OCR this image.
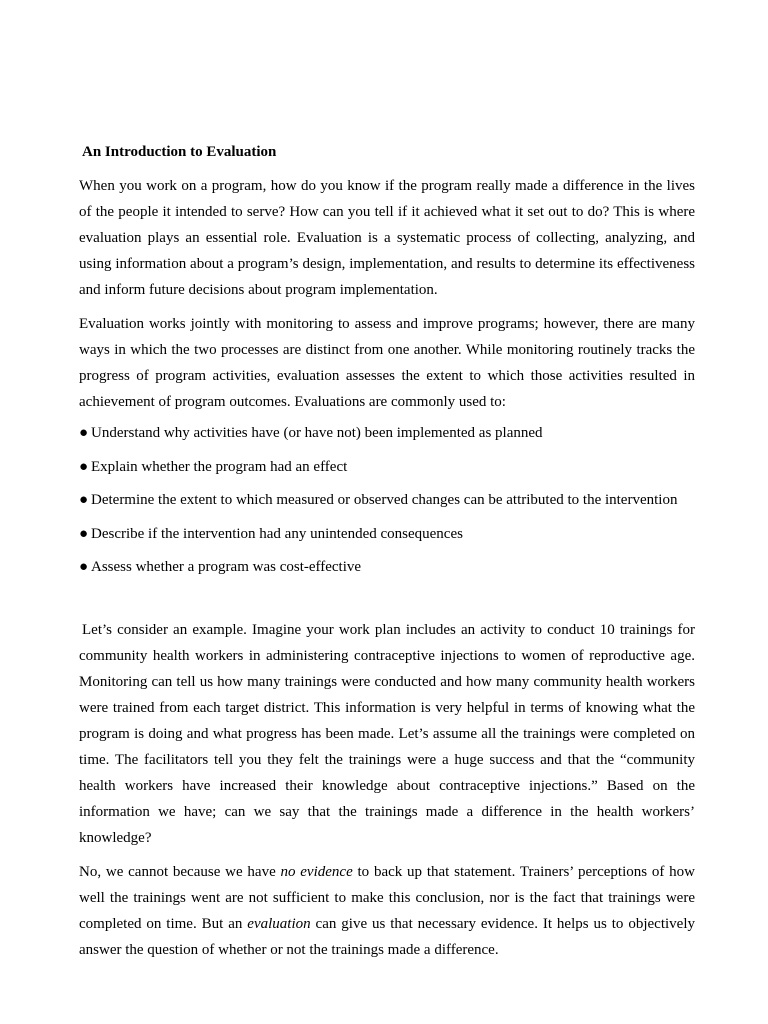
An Introduction to Evaluation

When you work on a program, how do you know if the program really made a difference in the lives of the people it intended to serve? How can you tell if it achieved what it set out to do? This is where evaluation plays an essential role. Evaluation is a systematic process of collecting, analyzing, and using information about a program’s design, implementation, and results to determine its effectiveness and inform future decisions about program implementation.

Evaluation works jointly with monitoring to assess and improve programs; however, there are many ways in which the two processes are distinct from one another. While monitoring routinely tracks the progress of program activities, evaluation assesses the extent to which those activities resulted in achievement of program outcomes. Evaluations are commonly used to:

● Understand why activities have (or have not) been implemented as planned
● Explain whether the program had an effect
● Determine the extent to which measured or observed changes can be attributed to the intervention
● Describe if the intervention had any unintended consequences
● Assess whether a program was cost-effective

Let’s consider an example. Imagine your work plan includes an activity to conduct 10 trainings for community health workers in administering contraceptive injections to women of reproductive age. Monitoring can tell us how many trainings were conducted and how many community health workers were trained from each target district. This information is very helpful in terms of knowing what the program is doing and what progress has been made. Let’s assume all the trainings were completed on time. The facilitators tell you they felt the trainings were a huge success and that the “community health workers have increased their knowledge about contraceptive injections.” Based on the information we have; can we say that the trainings made a difference in the health workers’ knowledge?

No, we cannot because we have no evidence to back up that statement. Trainers’ perceptions of how well the trainings went are not sufficient to make this conclusion, nor is the fact that trainings were completed on time. But an evaluation can give us that necessary evidence. It helps us to objectively answer the question of whether or not the trainings made a difference.
